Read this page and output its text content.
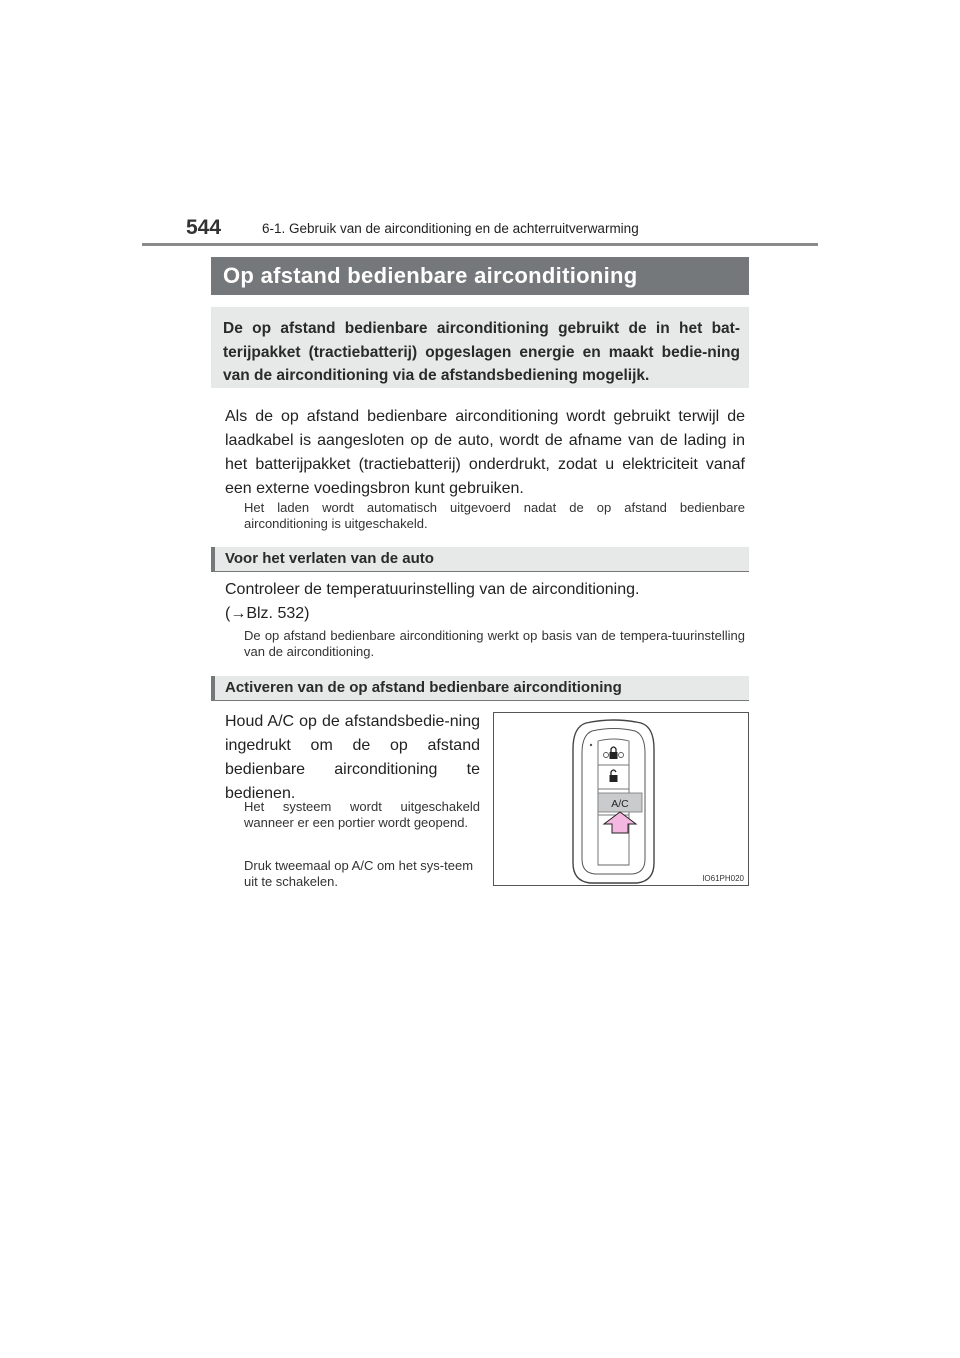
544	6-1. Gebruik van de airconditioning en de achterruitverwarming
Op afstand bedienbare airconditioning

De op afstand bedienbare airconditioning gebruikt de in het bat-terijpakket (tractiebatterij) opgeslagen energie en maakt bedie-ning van de airconditioning via de afstandsbediening mogelijk.

Als de op afstand bedienbare airconditioning wordt gebruikt terwijl de laadkabel is aangesloten op de auto, wordt de afname van de lading in het batterijpakket (tractiebatterij) onderdrukt, zodat u elektriciteit vanaf een externe voedingsbron kunt gebruiken.

Het laden wordt automatisch uitgevoerd nadat de op afstand bedienbare airconditioning is uitgeschakeld.

Voor het verlaten van de auto

Controleer de temperatuurinstelling van de airconditioning.
(→Blz. 532)

De op afstand bedienbare airconditioning werkt op basis van de tempera-tuurinstelling van de airconditioning.

Activeren van de op afstand bedienbare airconditioning

Houd A/C op de afstandsbedie-ning ingedrukt om de op afstand bedienbare airconditioning te bedienen.

Het systeem wordt uitgeschakeld wanneer er een portier wordt geopend.

Druk tweemaal op A/C om het sys-teem uit te schakelen.

A/C
IO61PH020
